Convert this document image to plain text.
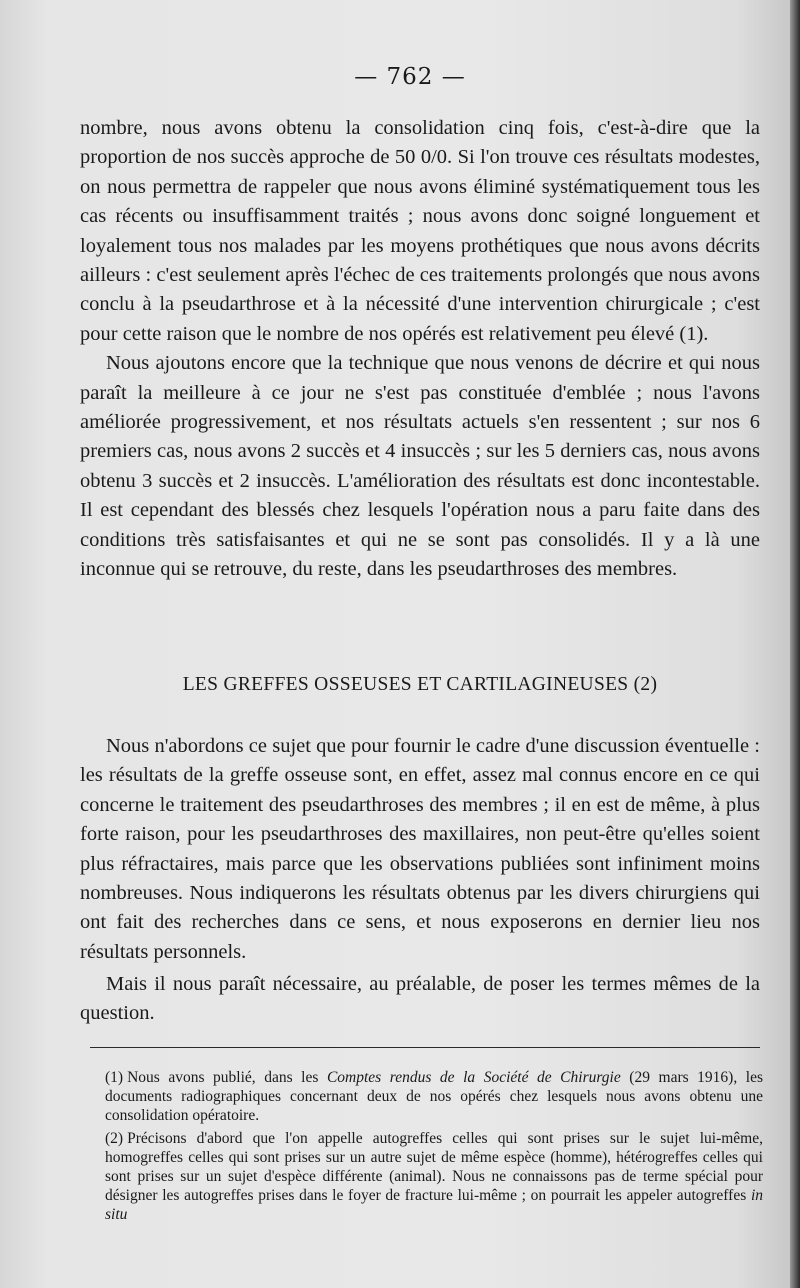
— 762 —

nombre, nous avons obtenu la consolidation cinq fois, c'est-à-dire que la proportion de nos succès approche de 50 0/0. Si l'on trouve ces résultats modestes, on nous permettra de rappeler que nous avons éliminé systématiquement tous les cas récents ou insuffisamment traités ; nous avons donc soigné longuement et loyalement tous nos malades par les moyens prothétiques que nous avons décrits ailleurs : c'est seulement après l'échec de ces traitements prolongés que nous avons conclu à la pseudarthrose et à la nécessité d'une intervention chirurgicale ; c'est pour cette raison que le nombre de nos opérés est relativement peu élevé (1).

Nous ajoutons encore que la technique que nous venons de décrire et qui nous paraît la meilleure à ce jour ne s'est pas constituée d'emblée ; nous l'avons améliorée progressivement, et nos résultats actuels s'en ressentent ; sur nos 6 premiers cas, nous avons 2 succès et 4 insuccès ; sur les 5 derniers cas, nous avons obtenu 3 succès et 2 insuccès. L'amélioration des résultats est donc incontestable. Il est cependant des blessés chez lesquels l'opération nous a paru faite dans des conditions très satisfaisantes et qui ne se sont pas consolidés. Il y a là une inconnue qui se retrouve, du reste, dans les pseudarthroses des membres.

LES GREFFES OSSEUSES ET CARTILAGINEUSES (2)

Nous n'abordons ce sujet que pour fournir le cadre d'une discussion éventuelle : les résultats de la greffe osseuse sont, en effet, assez mal connus encore en ce qui concerne le traitement des pseudarthroses des membres ; il en est de même, à plus forte raison, pour les pseudarthroses des maxillaires, non peut-être qu'elles soient plus réfractaires, mais parce que les observations publiées sont infiniment moins nombreuses. Nous indiquerons les résultats obtenus par les divers chirurgiens qui ont fait des recherches dans ce sens, et nous exposerons en dernier lieu nos résultats personnels.

Mais il nous paraît nécessaire, au préalable, de poser les termes mêmes de la question.

(1) Nous avons publié, dans les Comptes rendus de la Société de Chirurgie (29 mars 1916), les documents radiographiques concernant deux de nos opérés chez lesquels nous avons obtenu une consolidation opératoire.

(2) Précisons d'abord que l'on appelle autogreffes celles qui sont prises sur le sujet lui-même, homogreffes celles qui sont prises sur un autre sujet de même espèce (homme), hétérogreffes celles qui sont prises sur un sujet d'espèce différente (animal). Nous ne connaissons pas de terme spécial pour désigner les autogreffes prises dans le foyer de fracture lui-même ; on pourrait les appeler autogreffes in situ
